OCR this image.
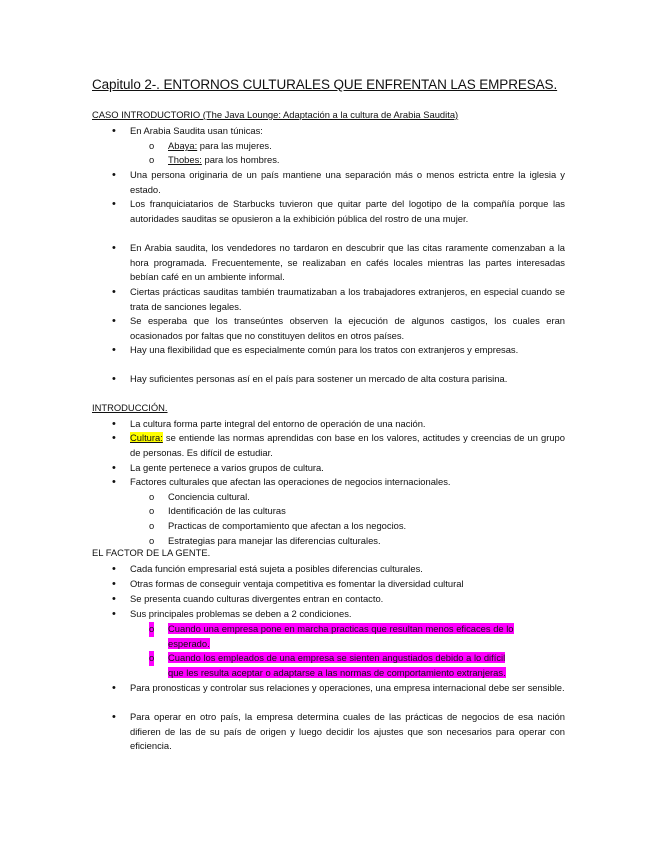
Capitulo 2-. ENTORNOS CULTURALES QUE ENFRENTAN LAS EMPRESAS.
CASO INTRODUCTORIO (The Java Lounge: Adaptación a la cultura de Arabia Saudita)
• En Arabia Saudita usan túnicas:
o Abaya: para las mujeres.
o Thobes: para los hombres.
• Una persona originaria de un país mantiene una separación más o menos estricta entre la iglesia y estado.
• Los franquiciatarios de Starbucks tuvieron que quitar parte del logotipo de la compañía porque las autoridades sauditas se opusieron a la exhibición pública del rostro de una mujer.
• En Arabia saudita, los vendedores no tardaron en descubrir que las citas raramente comenzaban a la hora programada. Frecuentemente, se realizaban en cafés locales mientras las partes interesadas bebían café en un ambiente informal.
• Ciertas prácticas sauditas también traumatizaban a los trabajadores extranjeros, en especial cuando se trata de sanciones legales.
• Se esperaba que los transeúntes observen la ejecución de algunos castigos, los cuales eran ocasionados por faltas que no constituyen delitos en otros países.
• Hay una flexibilidad que es especialmente común para los tratos con extranjeros y empresas.
• Hay suficientes personas así en el país para sostener un mercado de alta costura parisina.
INTRODUCCIÓN.
• La cultura forma parte integral del entorno de operación de una nación.
• Cultura: se entiende las normas aprendidas con base en los valores, actitudes y creencias de un grupo de personas. Es difícil de estudiar.
• La gente pertenece a varios grupos de cultura.
• Factores culturales que afectan las operaciones de negocios internacionales.
o Conciencia cultural.
o Identificación de las culturas
o Practicas de comportamiento que afectan a los negocios.
o Estrategias para manejar las diferencias culturales.
EL FACTOR DE LA GENTE.
• Cada función empresarial está sujeta a posibles diferencias culturales.
• Otras formas de conseguir ventaja competitiva es fomentar la diversidad cultural
• Se presenta cuando culturas divergentes entran en contacto.
• Sus principales problemas se deben a 2 condiciones.
o Cuando una empresa pone en marcha practicas que resultan menos eficaces de lo
esperado.
o Cuando los empleados de una empresa se sienten angustiados debido a lo difícil
que les resulta aceptar o adaptarse a las normas de comportamiento extranjeras.
• Para pronosticas y controlar sus relaciones y operaciones, una empresa internacional debe ser sensible.
• Para operar en otro país, la empresa determina cuales de las prácticas de negocios de esa nación difieren de las de su país de origen y luego decidir los ajustes que son necesarios para operar con eficiencia.
